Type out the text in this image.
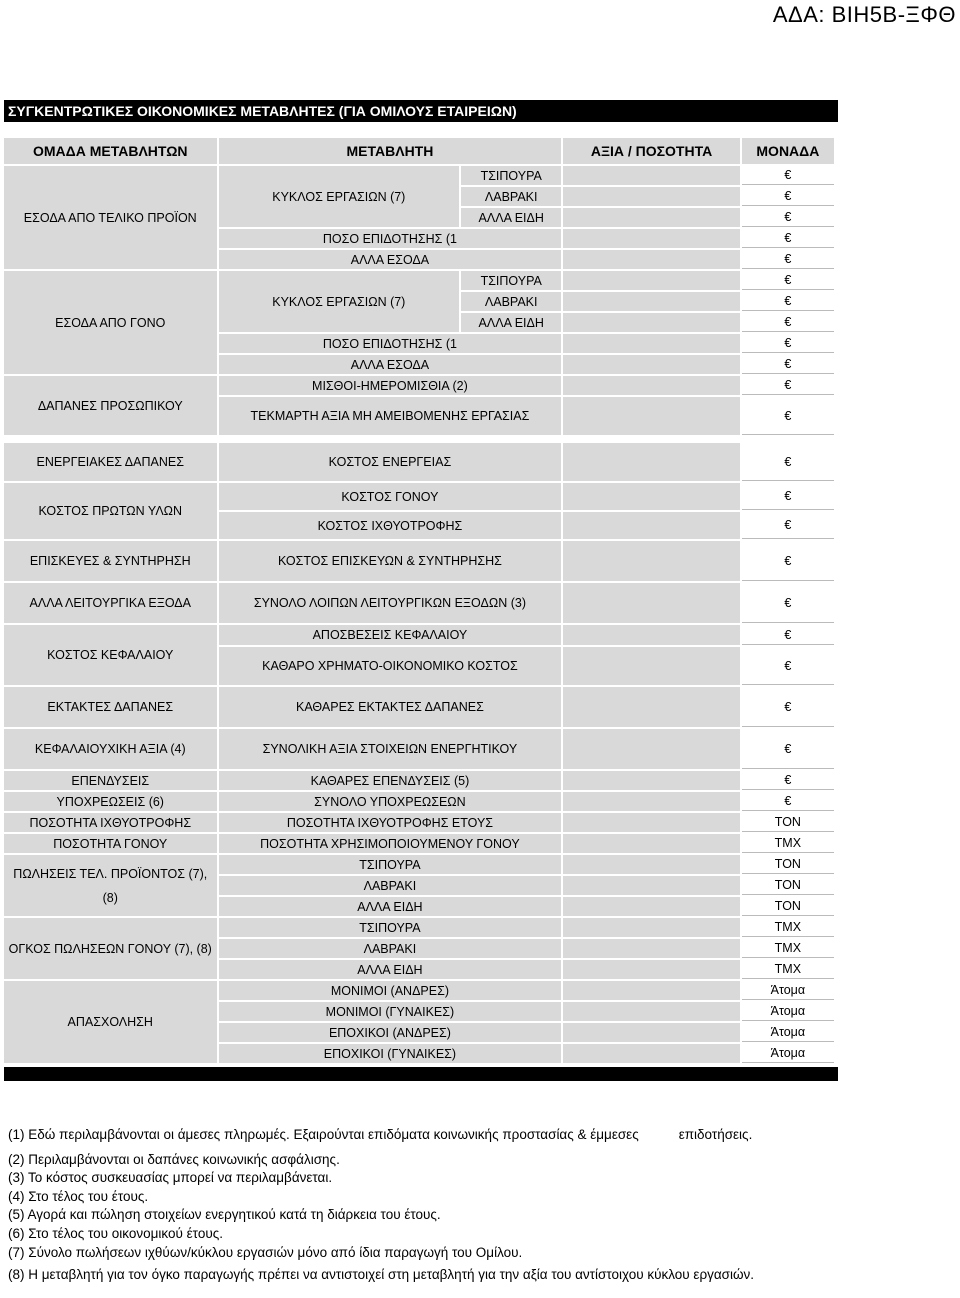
ΑΔΑ: ΒΙΗ5Β-ΞΦΘ
ΣΥΓΚΕΝΤΡΩΤΙΚΕΣ ΟΙΚΟΝΟΜΙΚΕΣ ΜΕΤΑΒΛΗΤΕΣ (ΓΙΑ ΟΜΙΛΟΥΣ ΕΤΑΙΡΕΙΩΝ)
ΟΜΑΔΑ ΜΕΤΑΒΛΗΤΩΝ	ΜΕΤΑΒΛΗΤΗ		ΑΞΙΑ / ΠΟΣΟΤΗΤΑ	ΜΟΝΑΔΑ
ΕΣΟΔΑ ΑΠΟ ΤΕΛΙΚΟ ΠΡΟΪΟΝ	ΚΥΚΛΟΣ ΕΡΓΑΣΙΩΝ (7)	ΤΣΙΠΟΥΡΑ		€
		ΛΑΒΡΑΚΙ		€
		ΑΛΛΑ ΕΙΔΗ		€
	ΠΟΣΟ ΕΠΙΔΟΤΗΣΗΣ (1			€
	ΑΛΛΑ ΕΣΟΔΑ			€
ΕΣΟΔΑ ΑΠΟ ΓΟΝΟ	ΚΥΚΛΟΣ ΕΡΓΑΣΙΩΝ (7)	ΤΣΙΠΟΥΡΑ		€
		ΛΑΒΡΑΚΙ		€
		ΑΛΛΑ ΕΙΔΗ		€
	ΠΟΣΟ ΕΠΙΔΟΤΗΣΗΣ (1			€
	ΑΛΛΑ ΕΣΟΔΑ			€
ΔΑΠΑΝΕΣ ΠΡΟΣΩΠΙΚΟΥ	ΜΙΣΘΟΙ-ΗΜΕΡΟΜΙΣΘΙΑ (2)			€
	ΤΕΚΜΑΡΤΗ ΑΞΙΑ ΜΗ ΑΜΕΙΒΟΜΕΝΗΣ ΕΡΓΑΣΙΑΣ			€

ΕΝΕΡΓΕΙΑΚΕΣ ΔΑΠΑΝΕΣ	ΚΟΣΤΟΣ ΕΝΕΡΓΕΙΑΣ			€
ΚΟΣΤΟΣ ΠΡΩΤΩΝ ΥΛΩΝ	ΚΟΣΤΟΣ ΓΟΝΟΥ			€
	ΚΟΣΤΟΣ ΙΧΘΥΟΤΡΟΦΗΣ			€
ΕΠΙΣΚΕΥΕΣ & ΣΥΝΤΗΡΗΣΗ	ΚΟΣΤΟΣ ΕΠΙΣΚΕΥΩΝ & ΣΥΝΤΗΡΗΣΗΣ			€
ΑΛΛΑ ΛΕΙΤΟΥΡΓΙΚΑ ΕΞΟΔΑ	ΣΥΝΟΛΟ ΛΟΙΠΩΝ ΛΕΙΤΟΥΡΓΙΚΩΝ ΕΞΟΔΩΝ (3)			€
ΚΟΣΤΟΣ ΚΕΦΑΛΑΙΟΥ	ΑΠΟΣΒΕΣΕΙΣ ΚΕΦΑΛΑΙΟΥ			€
	ΚΑΘΑΡΟ ΧΡΗΜΑΤΟ-ΟΙΚΟΝΟΜΙΚΟ ΚΟΣΤΟΣ			€
ΕΚΤΑΚΤΕΣ ΔΑΠΑΝΕΣ	ΚΑΘΑΡΕΣ ΕΚΤΑΚΤΕΣ ΔΑΠΑΝΕΣ			€
ΚΕΦΑΛΑΙΟΥΧΙΚΗ ΑΞΙΑ (4)	ΣΥΝΟΛΙΚΗ ΑΞΙΑ ΣΤΟΙΧΕΙΩΝ ΕΝΕΡΓΗΤΙΚΟΥ			€
ΕΠΕΝΔΥΣΕΙΣ	ΚΑΘΑΡΕΣ ΕΠΕΝΔΥΣΕΙΣ (5)			€
ΥΠΟΧΡΕΩΣΕΙΣ (6)	ΣΥΝΟΛΟ ΥΠΟΧΡΕΩΣΕΩΝ			€
ΠΟΣΟΤΗΤΑ ΙΧΘΥΟΤΡΟΦΗΣ	ΠΟΣΟΤΗΤΑ ΙΧΘΥΟΤΡΟΦΗΣ ΕΤΟΥΣ			ΤΟΝ
ΠΟΣΟΤΗΤΑ ΓΟΝΟΥ	ΠΟΣΟΤΗΤΑ ΧΡΗΣΙΜΟΠΟΙΟΥΜΕΝΟΥ ΓΟΝΟΥ			ΤΜΧ
ΠΩΛΗΣΕΙΣ ΤΕΛ. ΠΡΟΪΟΝΤΟΣ (7), (8)	ΤΣΙΠΟΥΡΑ			ΤΟΝ
	ΛΑΒΡΑΚΙ			ΤΟΝ
	ΑΛΛΑ ΕΙΔΗ			ΤΟΝ
ΟΓΚΟΣ ΠΩΛΗΣΕΩΝ ΓΟΝΟΥ (7), (8)	ΤΣΙΠΟΥΡΑ			ΤΜΧ
	ΛΑΒΡΑΚΙ			ΤΜΧ
	ΑΛΛΑ ΕΙΔΗ			ΤΜΧ
ΑΠΑΣΧΟΛΗΣΗ	ΜΟΝΙΜΟΙ (ΑΝΔΡΕΣ)			Άτομα
	ΜΟΝΙΜΟΙ (ΓΥΝΑΙΚΕΣ)			Άτομα
	ΕΠΟΧΙΚΟΙ (ΑΝΔΡΕΣ)			Άτομα
	ΕΠΟΧΙΚΟΙ (ΓΥΝΑΙΚΕΣ)			Άτομα
(1) Εδώ περιλαμβάνονται οι άμεσες πληρωμές. Εξαιρούνται επιδόματα κοινωνικής προστασίας & έμμεσες	επιδοτήσεις.
(2) Περιλαμβάνονται οι δαπάνες κοινωνικής ασφάλισης.
(3) Το κόστος συσκευασίας μπορεί να περιλαμβάνεται.
(4) Στο τέλος του έτους.
(5) Αγορά και πώληση στοιχείων ενεργητικού κατά τη διάρκεια του έτους.
(6) Στο τέλος του οικονομικού έτους.
(7) Σύνολο πωλήσεων ιχθύων/κύκλου εργασιών μόνο από ίδια παραγωγή του Ομίλου.
(8) Η μεταβλητή για τον όγκο παραγωγής πρέπει να αντιστοιχεί στη μεταβλητή για την αξία του αντίστοιχου κύκλου εργασιών.
